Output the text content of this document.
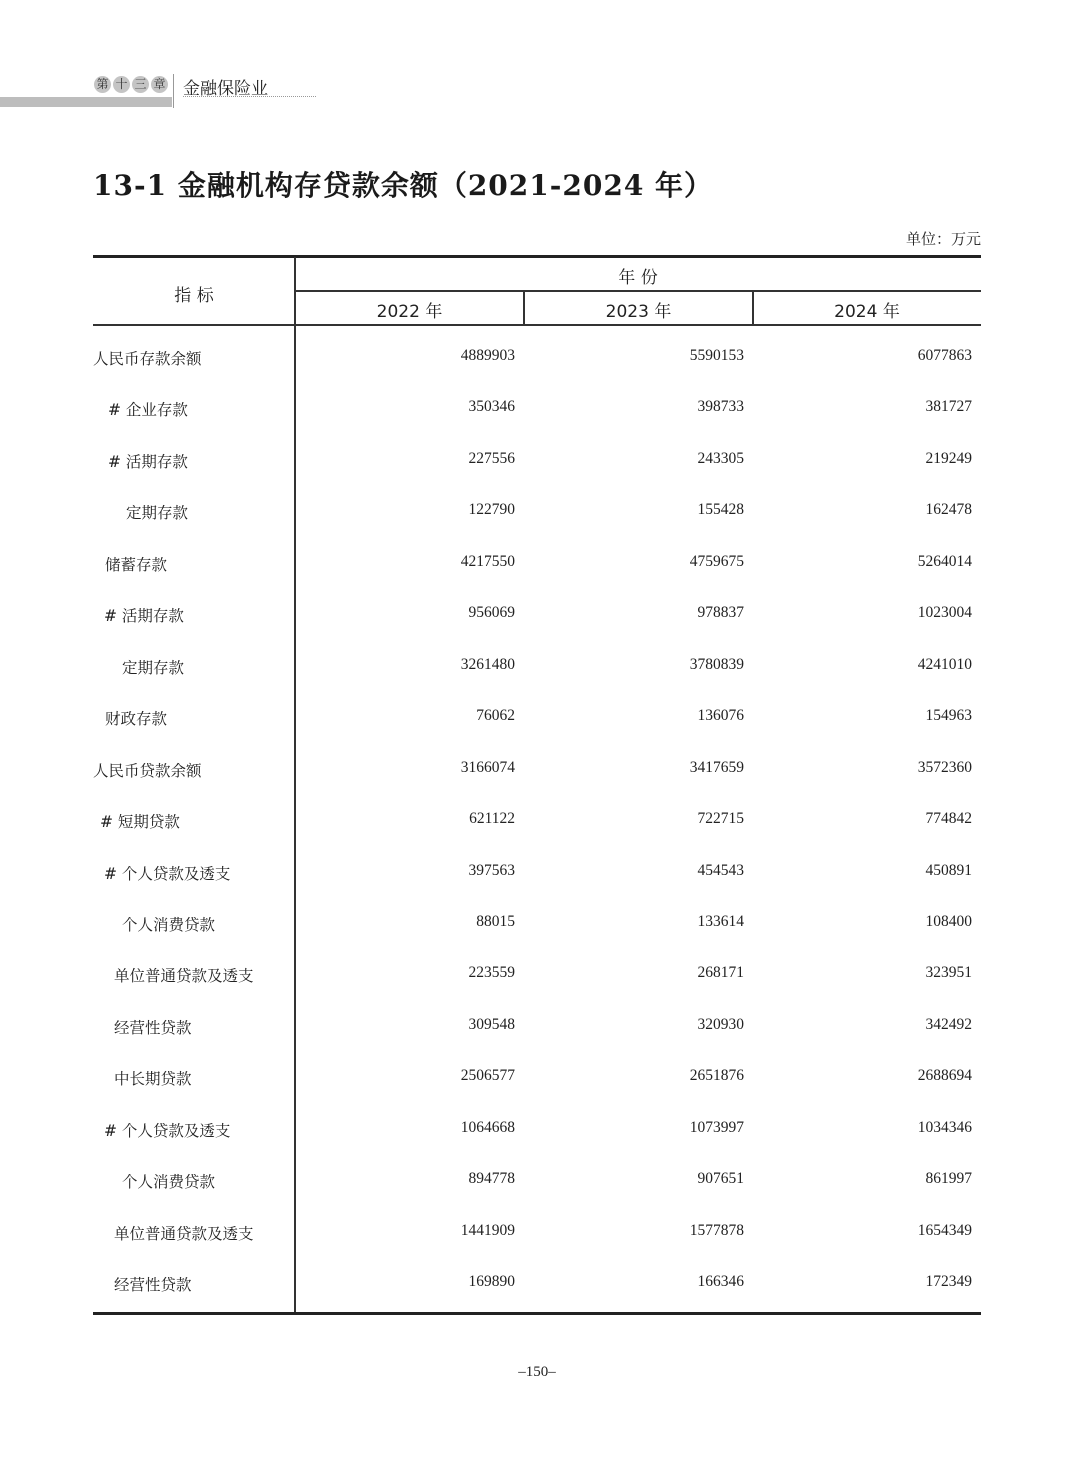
第 十 三 章 金融保险业
13-1 金融机构存贷款余额（2021-2024 年）
单位：万元
指 标
年 份
2022 年	2023 年	2024 年
人民币存款余额	4889903	5590153	6077863
# 企业存款	350346	398733	381727
# 活期存款	227556	243305	219249
定期存款	122790	155428	162478
储蓄存款	4217550	4759675	5264014
# 活期存款	956069	978837	1023004
定期存款	3261480	3780839	4241010
财政存款	76062	136076	154963
人民币贷款余额	3166074	3417659	3572360
# 短期贷款	621122	722715	774842
# 个人贷款及透支	397563	454543	450891
个人消费贷款	88015	133614	108400
单位普通贷款及透支	223559	268171	323951
经营性贷款	309548	320930	342492
中长期贷款	2506577	2651876	2688694
# 个人贷款及透支	1064668	1073997	1034346
个人消费贷款	894778	907651	861997
单位普通贷款及透支	1441909	1577878	1654349
经营性贷款	169890	166346	172349
–150–
